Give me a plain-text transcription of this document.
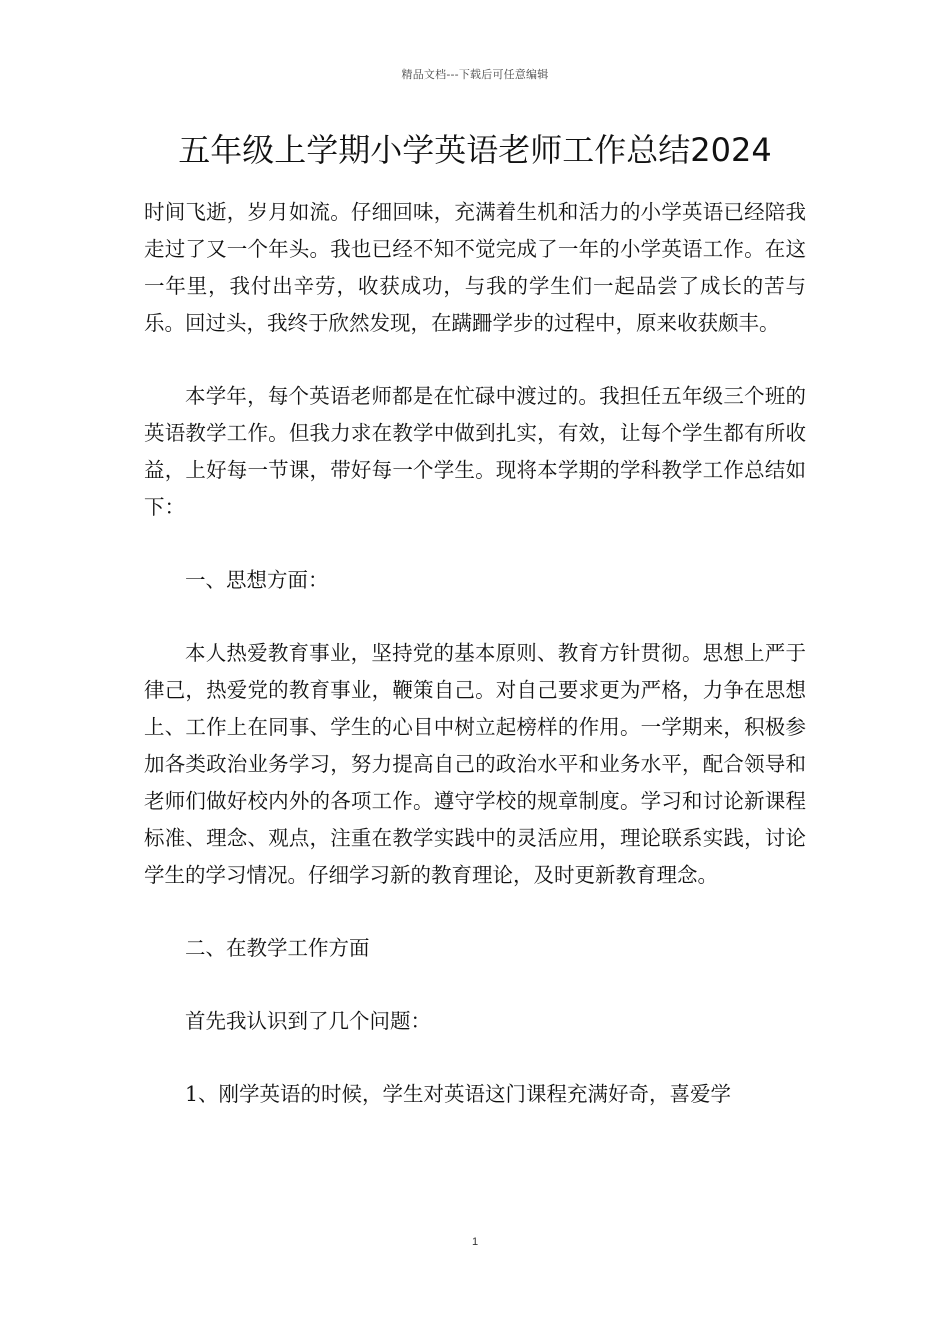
精品文档---下载后可任意编辑
五年级上学期小学英语老师工作总结2024

时间飞逝，岁月如流。仔细回味，充满着生机和活力的小学英语已经陪我走过了又一个年头。我也已经不知不觉完成了一年的小学英语工作。在这一年里，我付出辛劳，收获成功，与我的学生们一起品尝了成长的苦与乐。回过头，我终于欣然发现，在蹒跚学步的过程中，原来收获颇丰。

本学年，每个英语老师都是在忙碌中渡过的。我担任五年级三个班的英语教学工作。但我力求在教学中做到扎实，有效，让每个学生都有所收益，上好每一节课，带好每一个学生。现将本学期的学科教学工作总结如下：

一、思想方面：

本人热爱教育事业，坚持党的基本原则、教育方针贯彻。思想上严于律己，热爱党的教育事业，鞭策自己。对自己要求更为严格，力争在思想上、工作上在同事、学生的心目中树立起榜样的作用。一学期来，积极参加各类政治业务学习，努力提高自己的政治水平和业务水平，配合领导和老师们做好校内外的各项工作。遵守学校的规章制度。学习和讨论新课程标准、理念、观点，注重在教学实践中的灵活应用，理论联系实践，讨论学生的学习情况。仔细学习新的教育理论，及时更新教育理念。

二、在教学工作方面

首先我认识到了几个问题：

1、刚学英语的时候，学生对英语这门课程充满好奇，喜爱学

1
